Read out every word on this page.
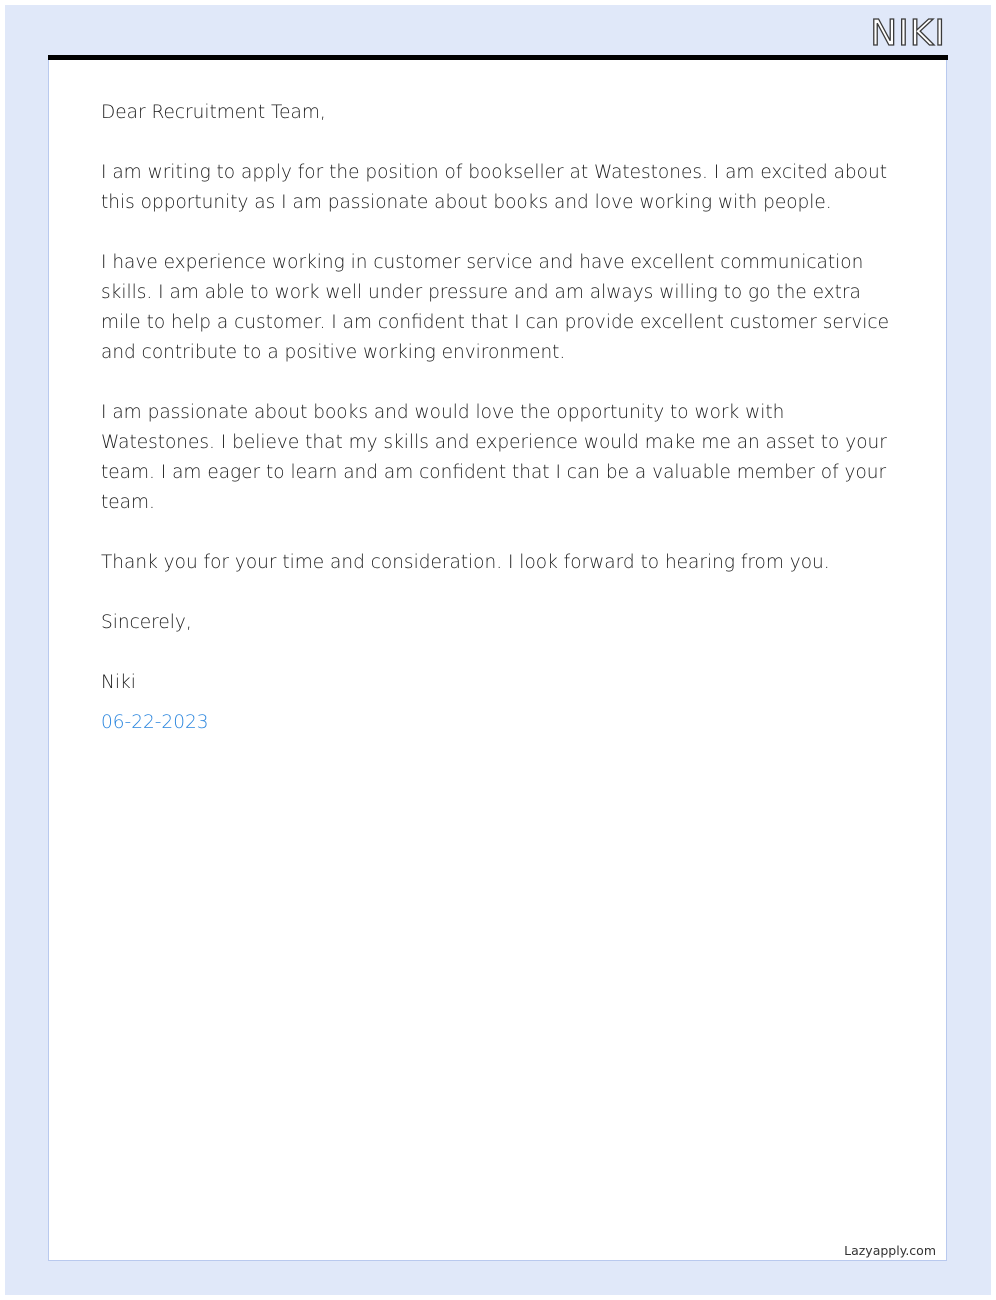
NIKI

Dear Recruitment Team,

I am writing to apply for the position of bookseller at Watestones. I am excited about this opportunity as I am passionate about books and love working with people.

I have experience working in customer service and have excellent communication skills. I am able to work well under pressure and am always willing to go the extra mile to help a customer. I am confident that I can provide excellent customer service and contribute to a positive working environment.

I am passionate about books and would love the opportunity to work with Watestones. I believe that my skills and experience would make me an asset to your team. I am eager to learn and am confident that I can be a valuable member of your team.

Thank you for your time and consideration. I look forward to hearing from you.

Sincerely,

Niki

06-22-2023

Lazyapply.com
